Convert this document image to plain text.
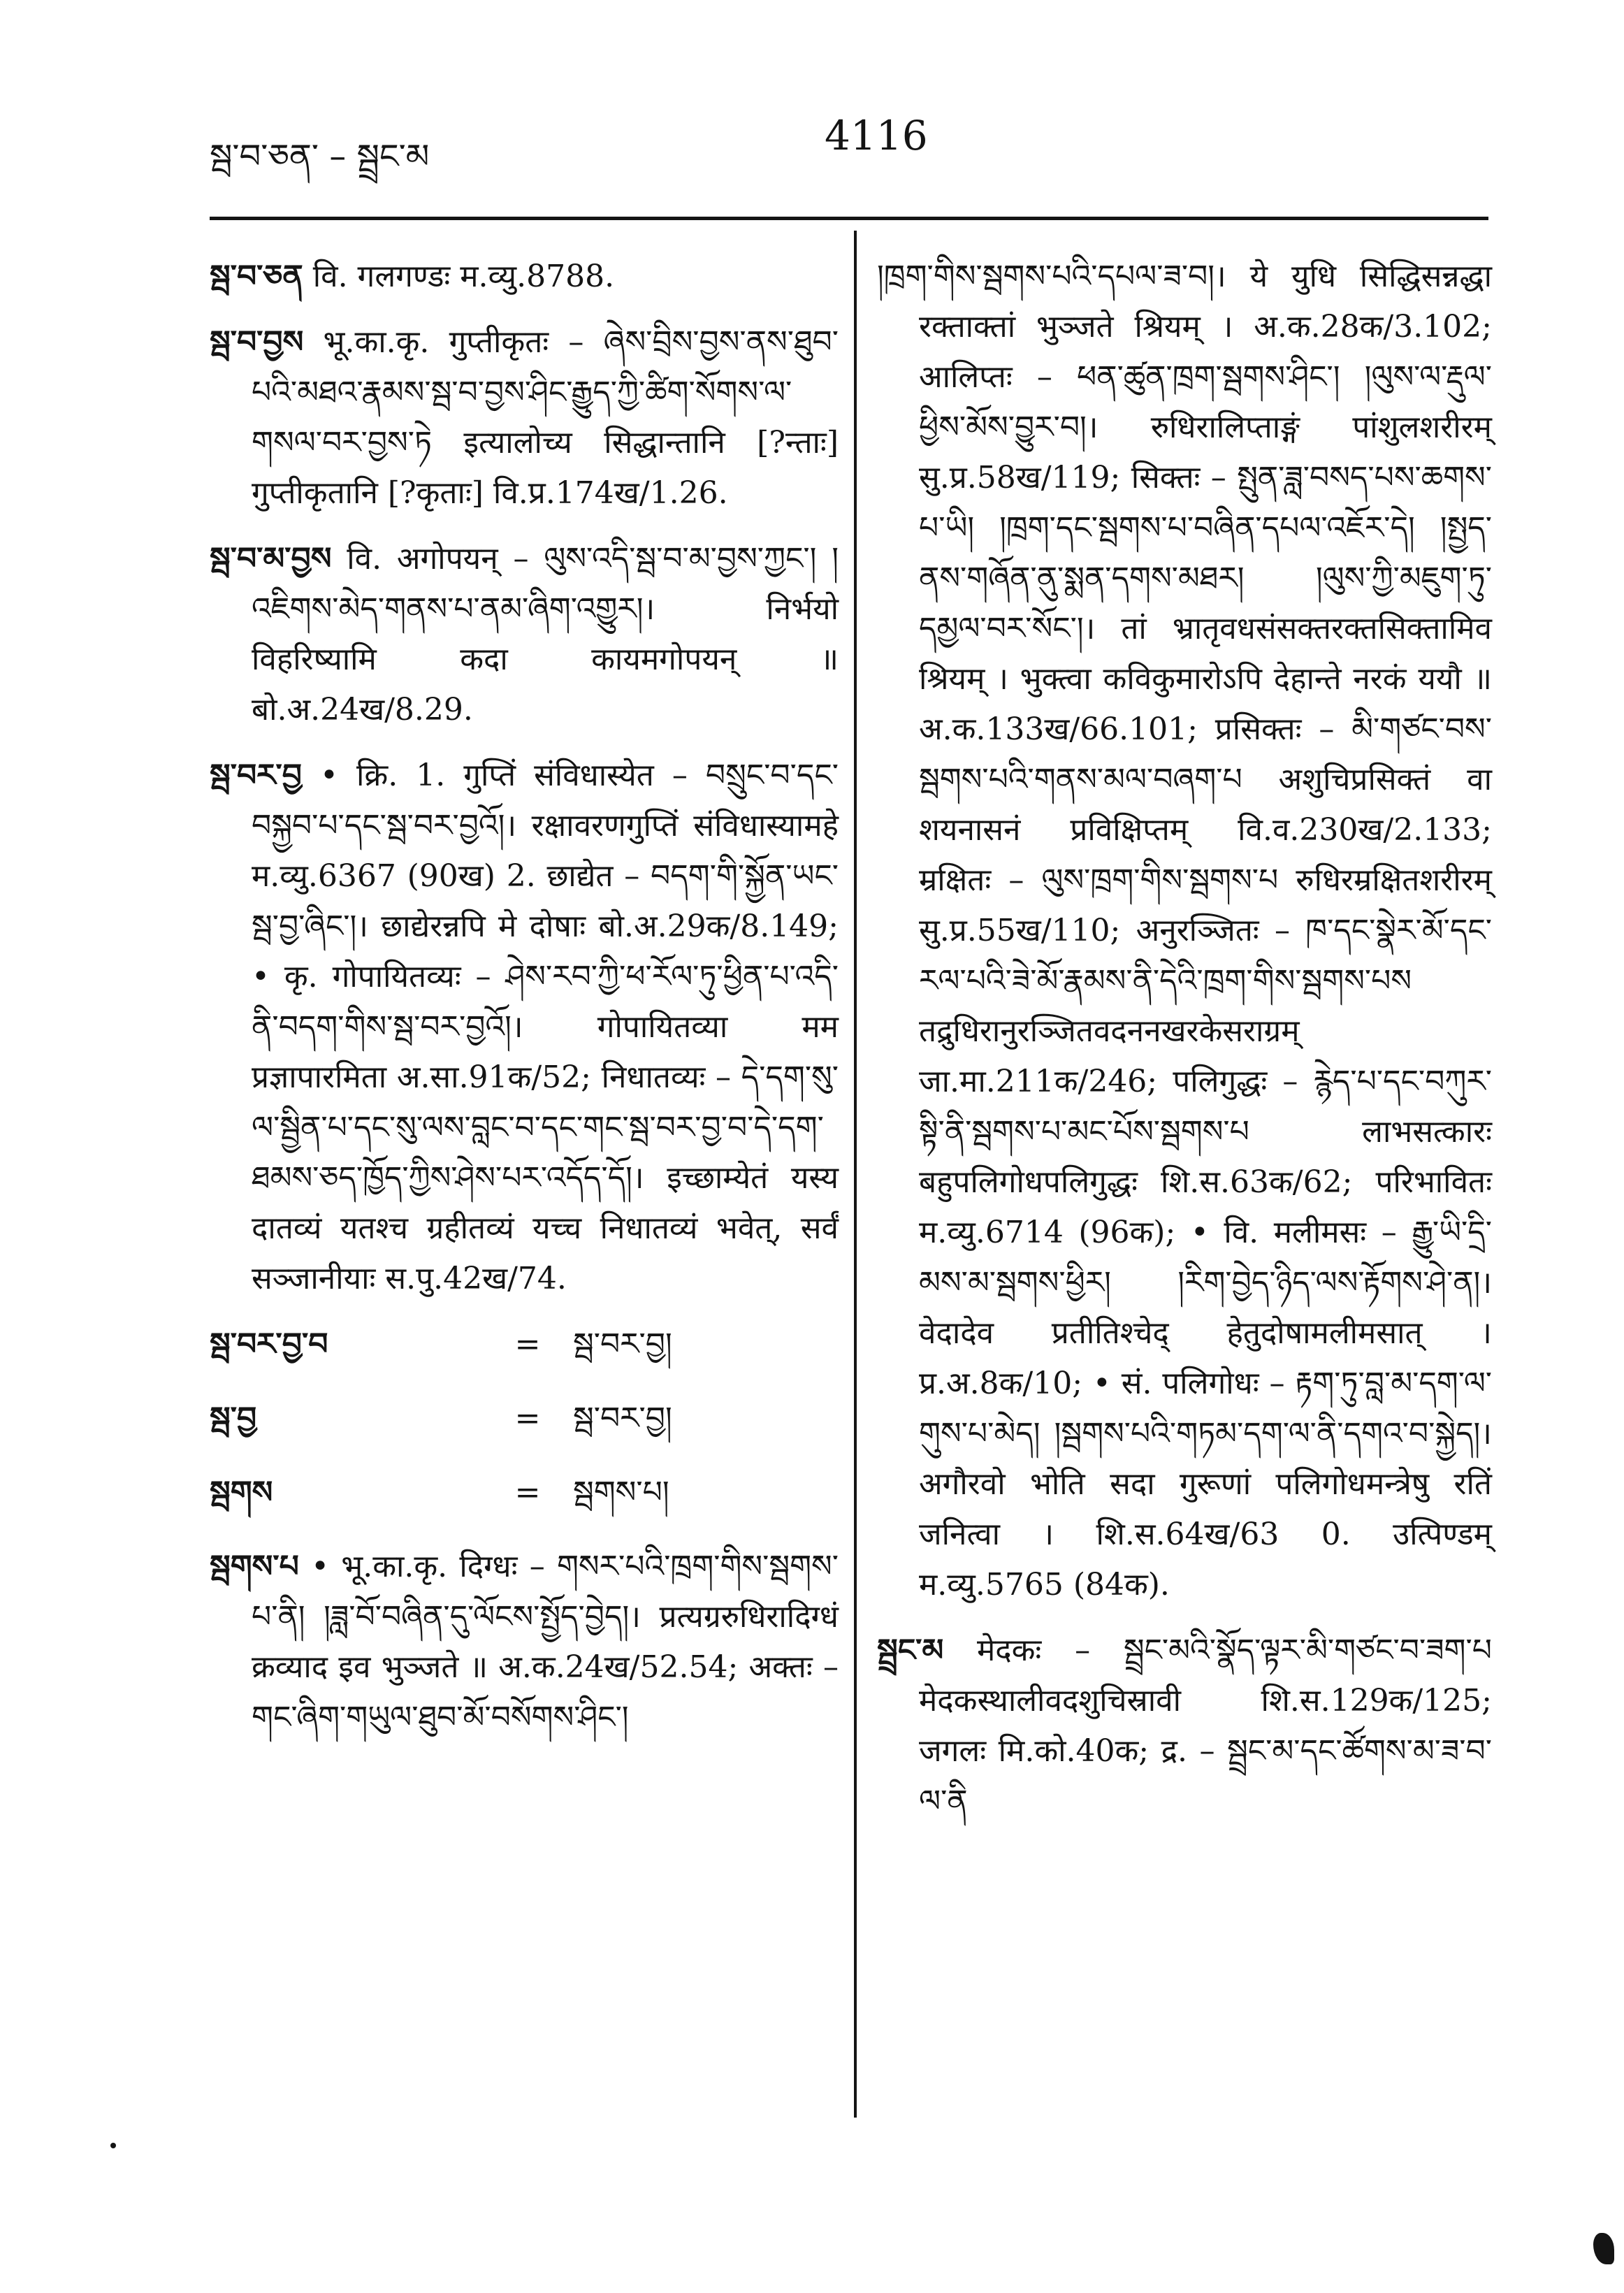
སྦ་བ་ཅན་ – སྦྲང་མ	4116

སྦ་བ་ཅན वि. गलगण्डः म.व्यु.8788.

སྦ་བ་བྱས भू.का.कृ. गुप्तीकृतः – ཞེས་བྲིས་བྱས་ནས་ཐུབ་པའི་མཐའ་རྣམས་སྦ་བ་བྱས་ཤིང་རྒྱུད་ཀྱི་ཚིག་སོགས་ལ་གསལ་བར་བྱས་ཏེ इत्यालोच्य सिद्धान्तानि [?न्ताः] गुप्तीकृतानि [?कृताः] वि.प्र.174ख/1.26.

སྦ་བ་མ་བྱས वि. अगोपयन् – ལུས་འདི་སྦ་བ་མ་བྱས་ཀྱང་། །འཇིགས་མེད་གནས་པ་ནམ་ཞིག་འགྱུར།। निर्भयो विहरिष्यामि कदा कायमगोपयन् ॥ बो.अ.24ख/8.29.

སྦ་བར་བྱ • क्रि. 1. गुप्तिं संविधास्येत – བསྲུང་བ་དང་བསྐྱབ་པ་དང་སྦ་བར་བྱའོ།। रक्षावरणगुप्तिं संविधास्यामहे म.व्यु.6367 (90ख) 2. छाद्येत – བདག་གི་སྐྱོན་ཡང་སྦ་བྱ་ཞིང་།। छाद्येरन्नपि मे दोषाः बो.अ.29क/8.149; • कृ. गोपायितव्यः – ཤེས་རབ་ཀྱི་ཕ་རོལ་ཏུ་ཕྱིན་པ་འདི་ནི་བདག་གིས་སྦ་བར་བྱའོ།। गोपायितव्या मम प्रज्ञापारमिता अ.सा.91क/52; निधातव्यः – དེ་དག་སུ་ལ་སྦྱིན་པ་དང་སུ་ལས་བླང་བ་དང་གང་སྦ་བར་བྱ་བ་དེ་དག་ཐམས་ཅད་ཁྱོད་ཀྱིས་ཤེས་པར་འདོད་དོ།। इच्छाम्येतं यस्य दातव्यं यतश्च ग्रहीतव्यं यच्च निधातव्यं भवेत्, सर्वं सञ्जानीयाः स.पु.42ख/74.

སྦ་བར་བྱ་བ	=	སྦ་བར་བྱ།
སྦ་བྱ	=	སྦ་བར་བྱ།
སྦགས	=	སྦགས་པ།

སྦགས་པ • भू.का.कृ. दिग्धः – གསར་པའི་ཁྲག་གིས་སྦགས་པ་ནི། །ཟླ་བོ་བཞིན་དུ་ལོངས་སྤྱོད་བྱེད།। प्रत्यग्ररुधिरादिग्धं क्रव्याद इव भुञ्जते ॥ अ.क.24ख/52.54; अक्तः – གང་ཞིག་གཡུལ་ཐུབ་མོ་བསོགས་ཤིང་།

།ཁྲག་གིས་སྦགས་པའི་དཔལ་ཟ་བ།। ये युधि सिद्धिसन्नद्धा रक्ताक्तां भुञ्जते श्रियम् । अ.क.28क/3.102; आलिप्तः – ཕན་ཚུན་ཁྲག་སྦགས་ཤིང་། །ལུས་ལ་རྡུལ་ཕྱིས་མོས་བྱུར་བ།। रुधिरालिप्ताङ्गं पांशुलशरीरम् सु.प्र.58ख/119; सिक्तः – སྤུན་ཟླ་བསད་པས་ཆགས་པ་ཡི། །ཁྲག་དང་སྦགས་པ་བཞིན་དཔལ་འཇོར་དེ། །སྤྱད་ནས་གཞོན་ནུ་སྨན་དགས་མཐར། །ལུས་ཀྱི་མཇུག་ཏུ་དམྱལ་བར་སོང་།। तां भ्रातृवधसंसक्तरक्तसिक्तामिव श्रियम् । भुक्त्वा कविकुमारोऽपि देहान्ते नरकं ययौ ॥ अ.क.133ख/66.101; प्रसिक्तः – མི་གཙང་བས་སྦགས་པའི་གནས་མལ་བཞག་པ अशुचिप्रसिक्तं वा शयनासनं प्रविक्षिप्तम् वि.व.230ख/2.133; म्रक्षितः – ལུས་ཁྲག་གིས་སྦགས་པ रुधिरम्रक्षितशरीरम् सु.प्र.55ख/110; अनुरञ्जितः – ཁ་དང་སྣེར་མོ་དང་རལ་པའི་ཟེ་མོ་རྣམས་ནི་དེའི་ཁྲག་གིས་སྦགས་པས तद्रुधिरानुरञ्जितवदननखरकेसराग्रम् जा.मा.211क/246; पलिगुद्धः – རྙེད་པ་དང་བཀུར་སྟི་ནི་སྦགས་པ་མང་པོས་སྦགས་པ लाभसत्कारः बहुपलिगोधपलिगुद्धः शि.स.63क/62; परिभावितः म.व्यु.6714 (96क); • वि. मलीमसः – རྒྱུ་ཡི་དྲི་མས་མ་སྦགས་ཕྱིར། །རིག་བྱེད་ཉིད་ལས་རྟོགས་ཤེ་ན།। वेदादेव प्रतीतिश्चेद् हेतुदोषामलीमसात् । प्र.अ.8क/10; • सं. पलिगोधः – རྟག་ཏུ་བླ་མ་དག་ལ་གུས་པ་མེད། །སྦགས་པའི་གཏམ་དག་ལ་ནི་དགའ་བ་སྐྱེད།। अगौरवो भोति सदा गुरूणां पलिगोधमन्त्रेषु रतिं जनित्वा । शि.स.64ख/63 0. उत्पिण्डम् म.व्यु.5765 (84क).

སྦྲང་མ मेदकः – སྦྲང་མའི་སྣོད་ལྟར་མི་གཙང་བ་ཟག་པ मेदकस्थालीवदशुचिस्रावी शि.स.129क/125; जगलः मि.को.40क; द्र. – སྦྲང་མ་དང་ཚོགས་མ་ཟ་བ་ལ་ནི
